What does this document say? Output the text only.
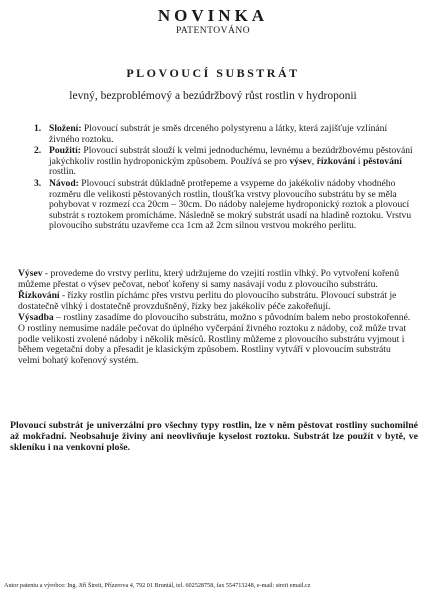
NOVINKA
PATENTOVÁNO
PLOVOUCÍ SUBSTRÁT
levný, bezproblémový a bezúdržbový růst rostlin v hydroponii
1. Složení: Plovoucí substrát je směs drceného polystyrenu a látky, která zajišťuje vzlínání živného roztoku.
2. Použití: Plovoucí substrát slouží k velmi jednoduchému, levnému a bezúdržbovému pěstování jakýchkoliv rostlin hydroponickým způsobem. Používá se pro výsev, řízkování i pěstování rostlin.
3. Návod: Plovoucí substrát důkladně protřepeme a vsypeme do jakékoliv nádoby vhodného rozměru dle velikosti pěstovaných rostlin, tloušťka vrstvy plovoucího substrátu by se měla pohybovat v rozmezí cca 20cm – 30cm. Do nádoby nalejeme hydroponický roztok a plovoucí substrát s roztokem promícháme. Následně se mokrý substrát usadí na hladině roztoku. Vrstvu plovoucího substrátu uzavřeme cca 1cm až 2cm silnou vrstvou mokrého perlitu.

Výsev - provedeme do vrstvy perlitu, který udržujeme do vzejití rostlin vlhký. Po vytvoření kořenů můžeme přestat o výsev pečovat, neboť kořeny si samy nasávají vodu z plovoucího substrátu.

Řízkování - řízky rostlin píchámc přes vrstvu perlitu do plovoucího substrátu. Plovoucí substrát je dostatečně vlhký i dostatečně provzdušněný, řízky bez jakékoliv péče zakořeňují.

Výsadba – rostliny zasadíme do plovoucího substrátu, možno s původním balem nebo prostokořenné. O rostliny nemusíme nadále pečovat do úplného vyčerpání živného roztoku z nádoby, což může trvat podle velikosti zvolené nádoby i několik měsíců. Rostliny můžeme z plovoucího substrátu vyjmout i během vegetační doby a přesadit je klasickým způsobem. Rostliny vytváří v plovoucím substrátu velmi bohatý kořenový systém.

Plovoucí substrát je univerzální pro všechny typy rostlin, lze v něm pěstovat rostliny suchomilné až mokřadní. Neobsahuje živiny ani neovlivňuje kyselost roztoku. Substrát lze použít v bytě, ve skleníku i na venkovní ploše.
Autor patentu a výrobce: Ing. Jiří Štreit, Přízerova 4, 792 01 Bruntál, tel. 602528758, fax 554713248, e-mail: streit email.cz
